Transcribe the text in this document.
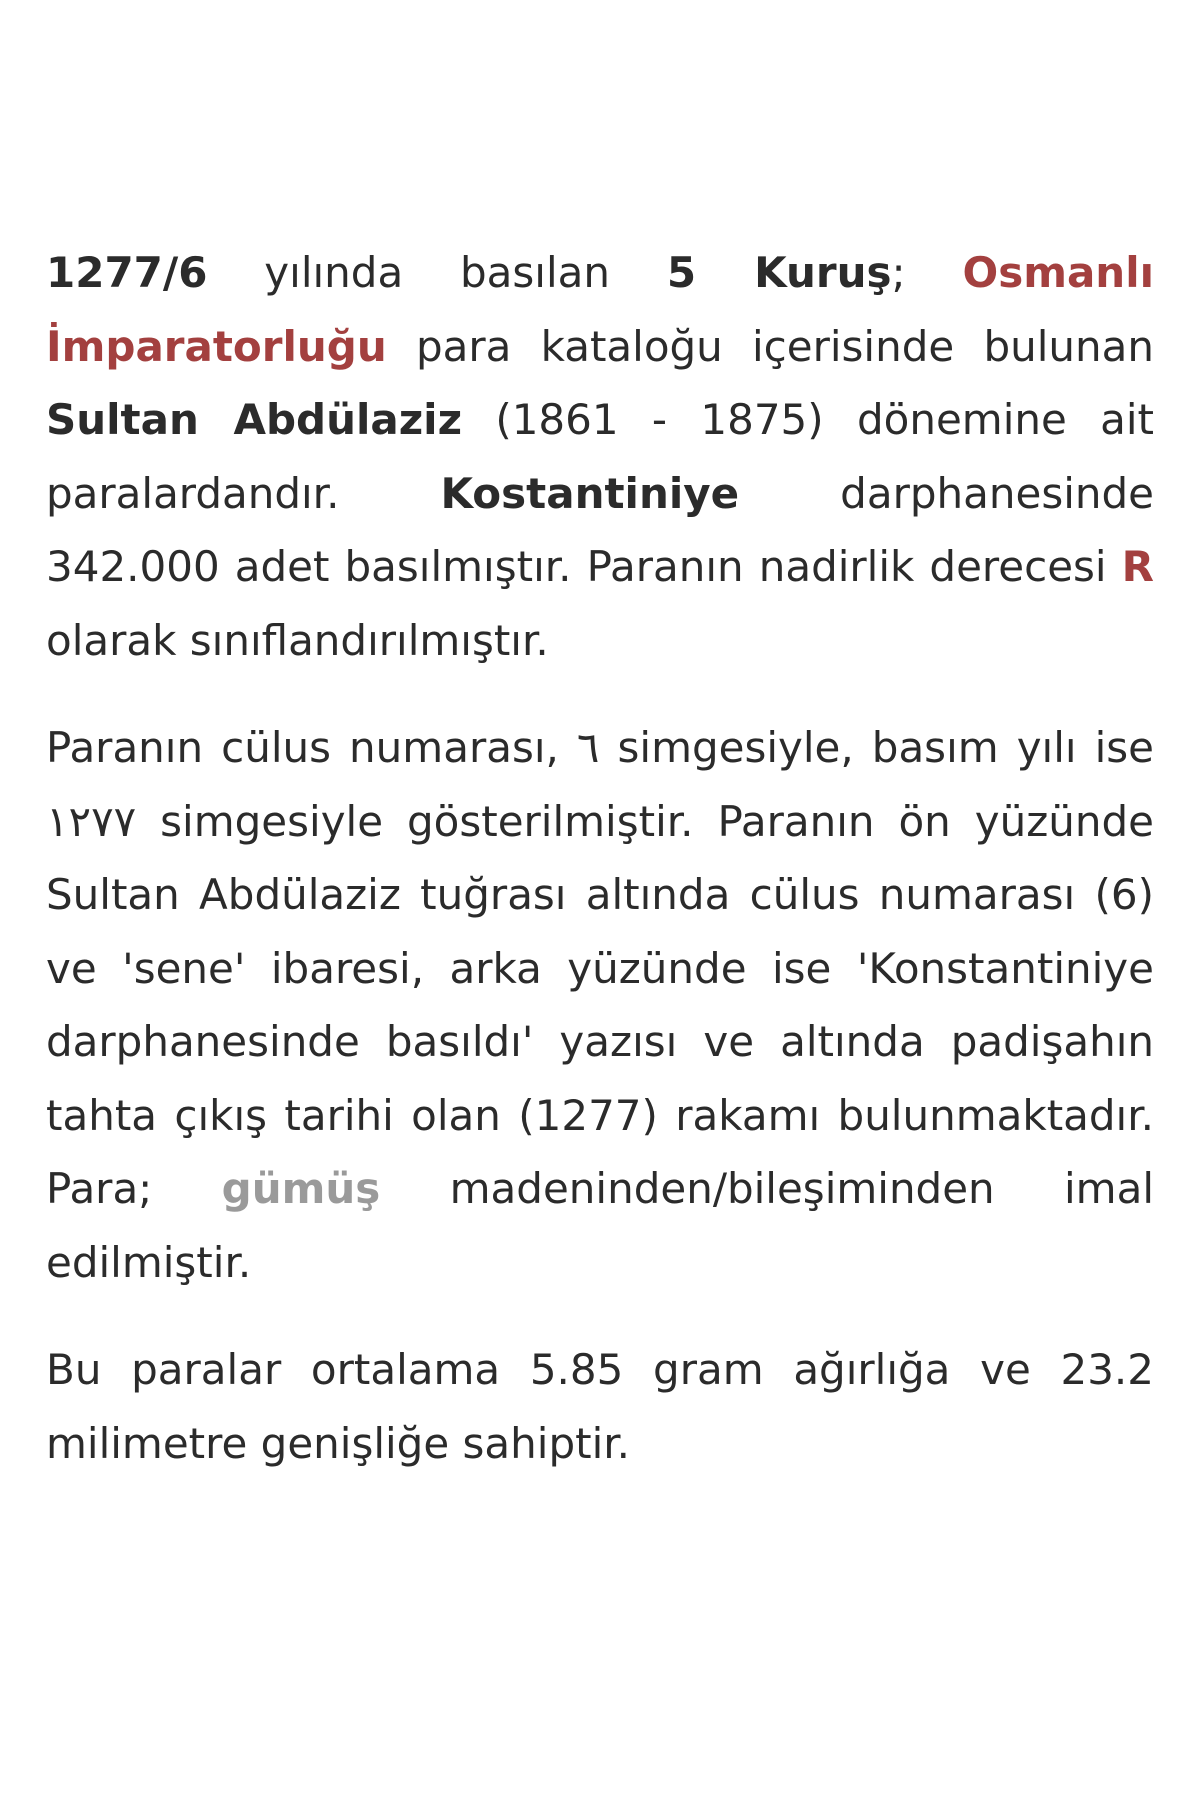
1277/6 yılında basılan 5 Kuruş; Osmanlı İmparatorluğu para kataloğu içerisinde bulunan Sultan Abdülaziz (1861 - 1875) dönemine ait paralardandır. Kostantiniye darphanesinde 342.000 adet basılmıştır. Paranın nadirlik derecesi R olarak sınıflandırılmıştır.

Paranın cülus numarası, ٦ simgesiyle, basım yılı ise ١٢٧٧ simgesiyle gösterilmiştir. Paranın ön yüzünde Sultan Abdülaziz tuğrası altında cülus numarası (6) ve 'sene' ibaresi, arka yüzünde ise 'Konstantiniye darphanesinde basıldı' yazısı ve altında padişahın tahta çıkış tarihi olan (1277) rakamı bulunmaktadır. Para; gümüş madeninden/bileşiminden imal edilmiştir.

Bu paralar ortalama 5.85 gram ağırlığa ve 23.2 milimetre genişliğe sahiptir.
